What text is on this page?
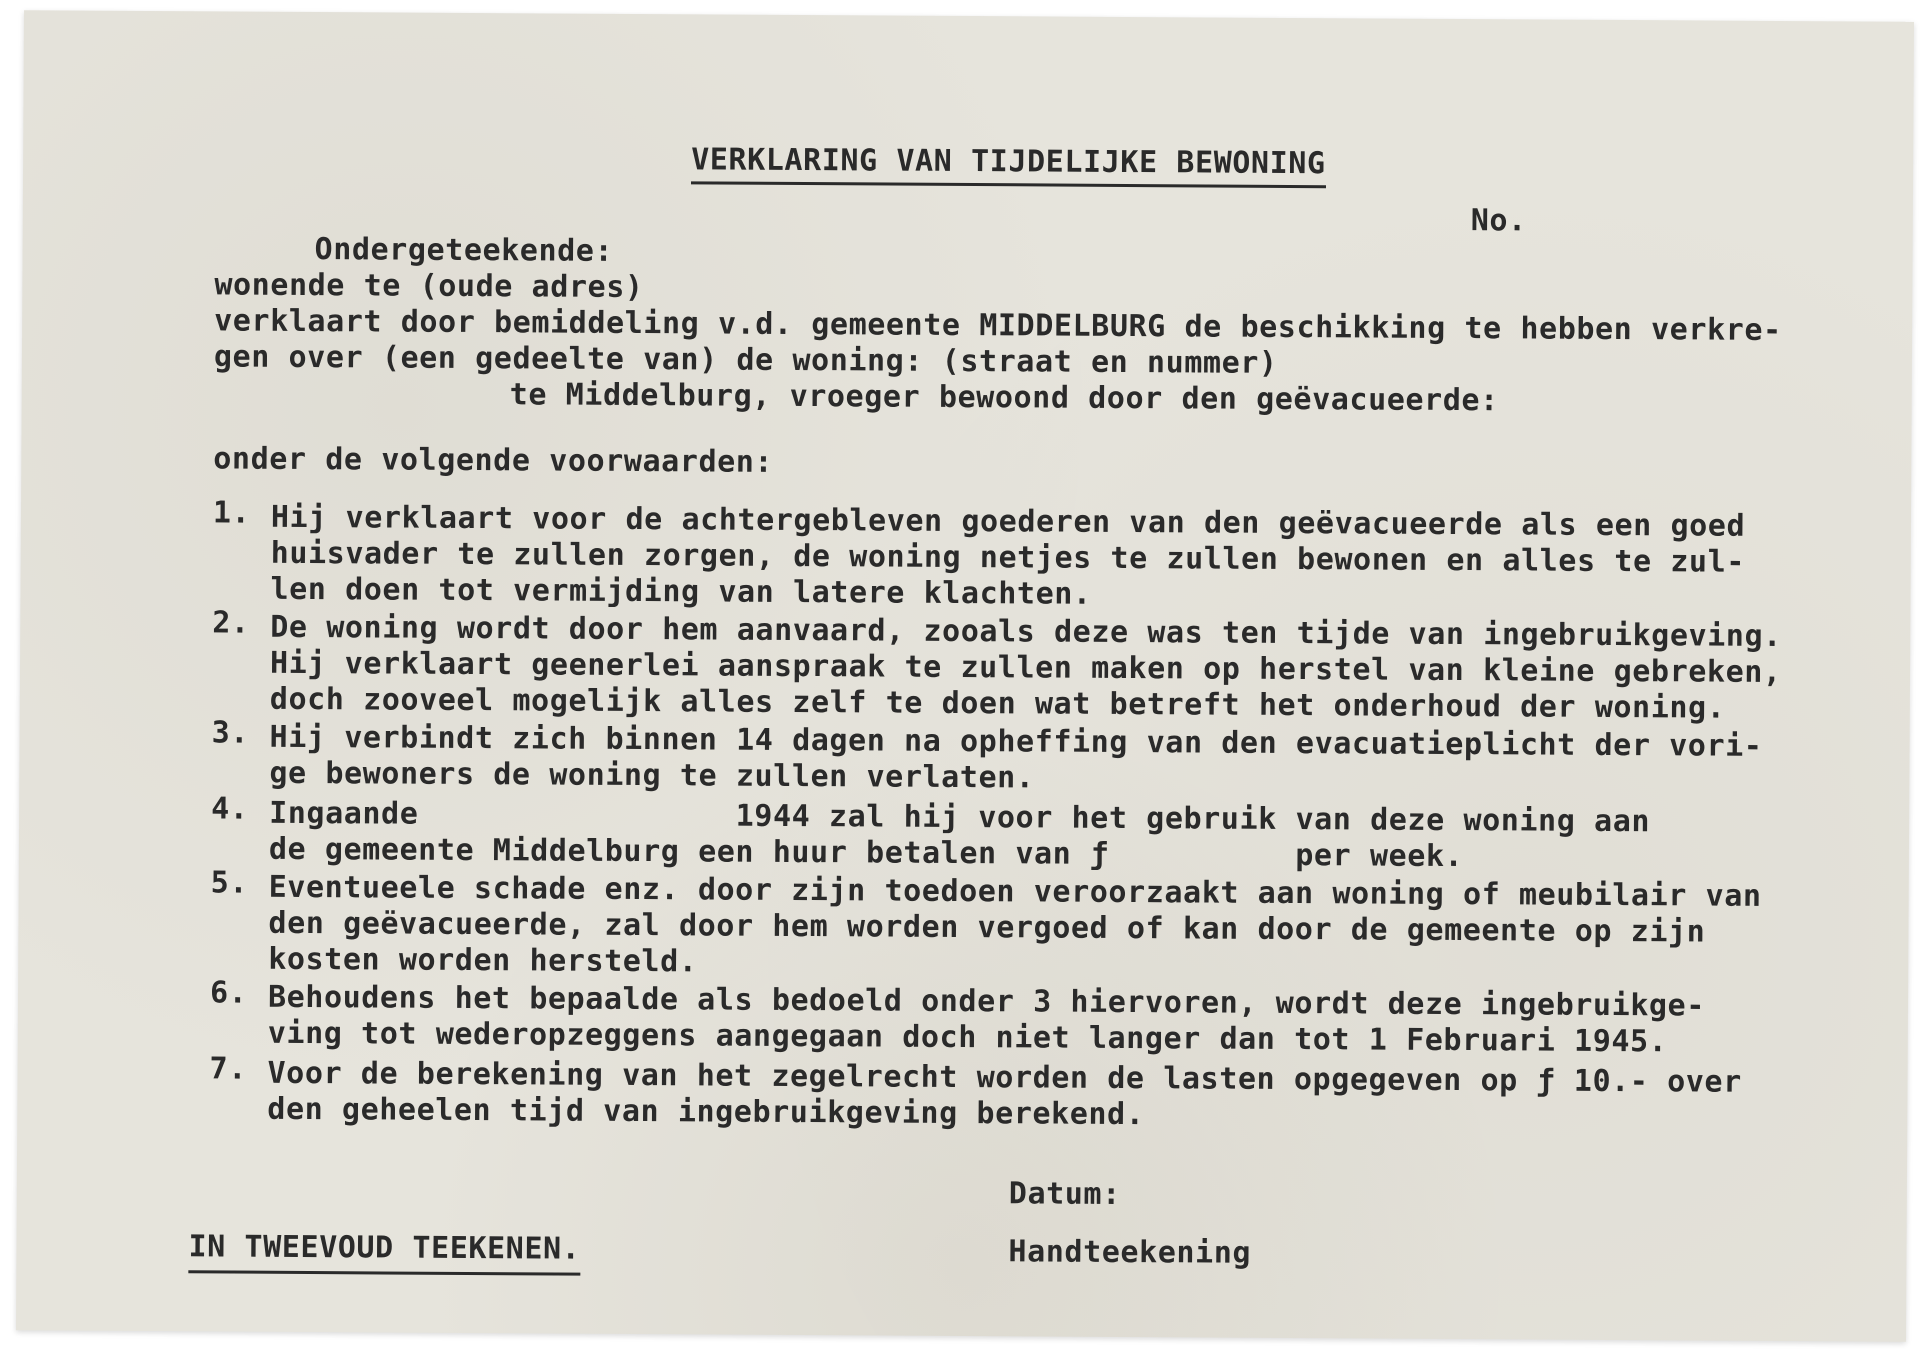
VERKLARING VAN TIJDELIJKE BEWONING
No.
Ondergeteekende:
wonende te (oude adres)
verklaart door bemiddeling v.d. gemeente MIDDELBURG de beschikking te hebben verkre-
gen over (een gedeelte van) de woning: (straat en nummer)
te Middelburg, vroeger bewoond door den geëvacueerde:
onder de volgende voorwaarden:
1. Hij verklaart voor de achtergebleven goederen van den geëvacueerde als een goed
huisvader te zullen zorgen, de woning netjes te zullen bewonen en alles te zul-
len doen tot vermijding van latere klachten.
2. De woning wordt door hem aanvaard, zooals deze was ten tijde van ingebruikgeving.
Hij verklaart geenerlei aanspraak te zullen maken op herstel van kleine gebreken,
doch zooveel mogelijk alles zelf te doen wat betreft het onderhoud der woning.
3. Hij verbindt zich binnen 14 dagen na opheffing van den evacuatieplicht der vori-
ge bewoners de woning te zullen verlaten.
4. Ingaande                 1944 zal hij voor het gebruik van deze woning aan
de gemeente Middelburg een huur betalen van ƒ          per week.
5. Eventueele schade enz. door zijn toedoen veroorzaakt aan woning of meubilair van
den geëvacueerde, zal door hem worden vergoed of kan door de gemeente op zijn
kosten worden hersteld.
6. Behoudens het bepaalde als bedoeld onder 3 hiervoren, wordt deze ingebruikge-
ving tot wederopzeggens aangegaan doch niet langer dan tot 1 Februari 1945.
7. Voor de berekening van het zegelrecht worden de lasten opgegeven op ƒ 10.- over
den geheelen tijd van ingebruikgeving berekend.
Datum:
Handteekening
IN TWEEVOUD TEEKENEN.
